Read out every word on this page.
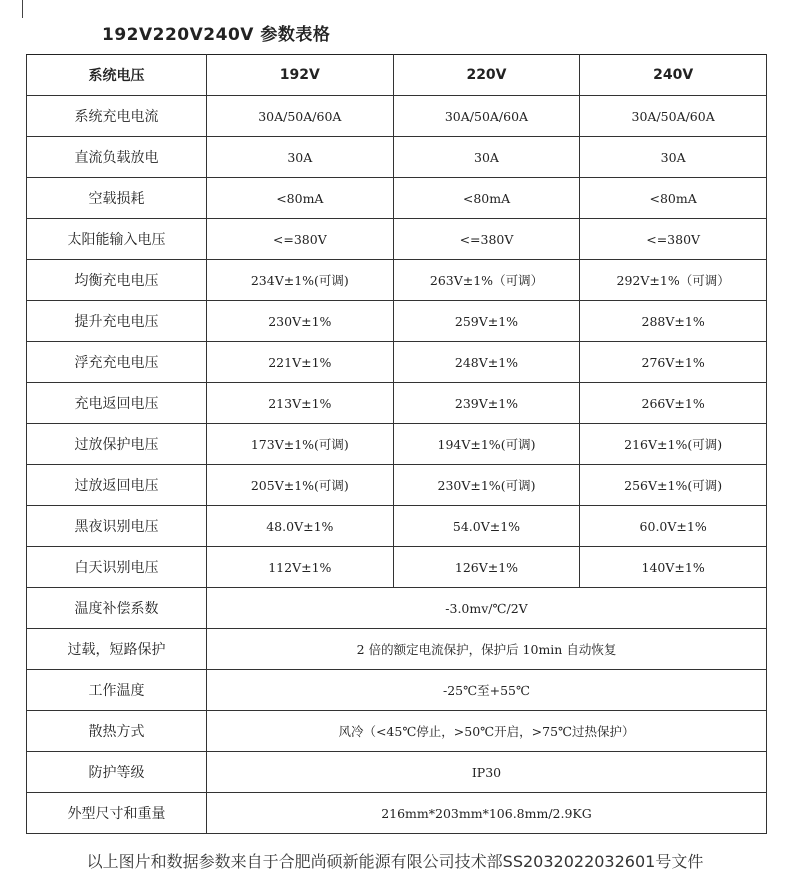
192V220V240V 参数表格
系统电压	192V	220V	240V
系统充电电流	30A/50A/60A	30A/50A/60A	30A/50A/60A
直流负载放电	30A	30A	30A
空载损耗	<80mA	<80mA	<80mA
太阳能输入电压	<=380V	<=380V	<=380V
均衡充电电压	234V±1%(可调)	263V±1%（可调）	292V±1%（可调）
提升充电电压	230V±1%	259V±1%	288V±1%
浮充充电电压	221V±1%	248V±1%	276V±1%
充电返回电压	213V±1%	239V±1%	266V±1%
过放保护电压	173V±1%(可调)	194V±1%(可调)	216V±1%(可调)
过放返回电压	205V±1%(可调)	230V±1%(可调)	256V±1%(可调)
黑夜识别电压	48.0V±1%	54.0V±1%	60.0V±1%
白天识别电压	112V±1%	126V±1%	140V±1%
温度补偿系数	-3.0mv/℃/2V		
过载，短路保护	2 倍的额定电流保护，保护后 10min 自动恢复		
工作温度	-25℃至+55℃		
散热方式	风冷（<45℃停止，>50℃开启，>75℃过热保护）		
防护等级	IP30		
外型尺寸和重量	216mm*203mm*106.8mm/2.9KG		
以上图片和数据参数来自于合肥尚硕新能源有限公司技术部SS2032022032601号文件
